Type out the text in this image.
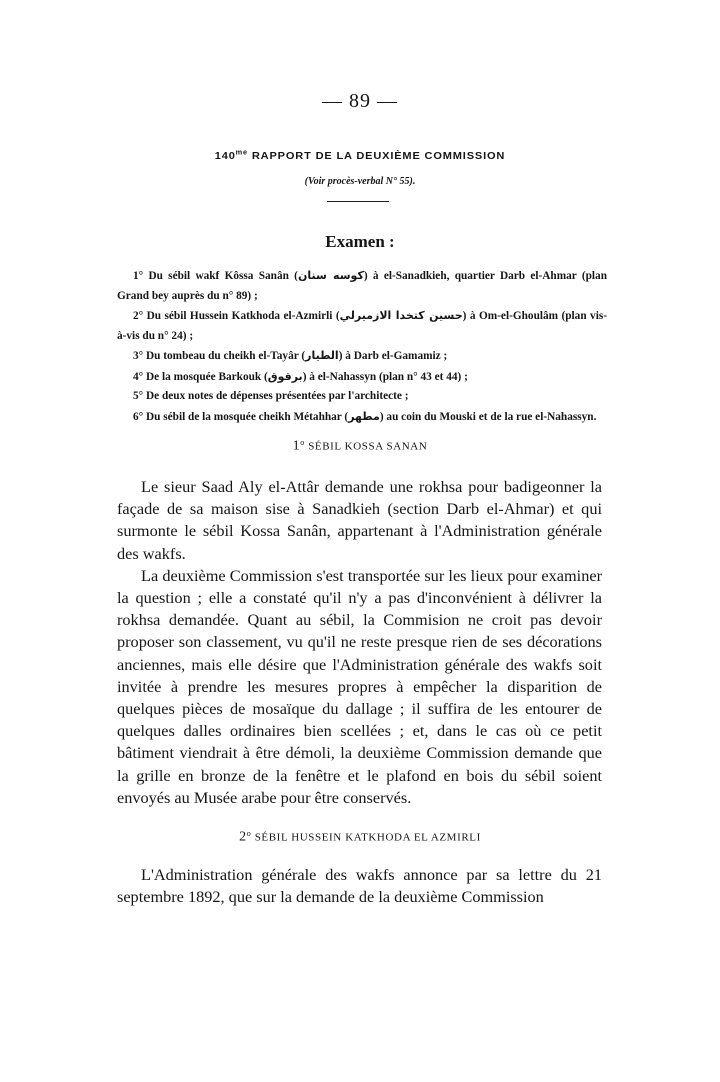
— 89 —
$140^{me}$ RAPPORT DE LA DEUXIÈME COMMISSION
(Voir procès-verbal N° 55).
Examen :

1° Du sébil wakf Kôssa Sanân (كوسه سنان) à el-Sanadkieh, quartier Darb el-Ahmar (plan Grand bey auprès du n° 89) ;

2° Du sébil Hussein Katkhoda el-Azmirli (حسين كتخدا الازميرلي) à Om-el-Ghoulâm (plan vis-à-vis du n° 24) ;

3° Du tombeau du cheikh el-Tayâr (الطيار) à Darb el-Gamamiz ;

4° De la mosquée Barkouk (برقوق) à el-Nahassyn (plan n° 43 et 44) ;

5° De deux notes de dépenses présentées par l'architecte ;

6° Du sébil de la mosquée cheikh Métahhar (مطهر) au coin du Mouski et de la rue el-Nahassyn.

1$^o$ SÉBIL KOSSA SANAN

Le sieur Saad Aly el-Attâr demande une rokhsa pour badigeonner la façade de sa maison sise à Sanadkieh (section Darb el-Ahmar) et qui surmonte le sébil Kossa Sanân, appartenant à l'Administration générale des wakfs.

La deuxième Commission s'est transportée sur les lieux pour examiner la question ; elle a constaté qu'il n'y a pas d'inconvénient à délivrer la rokhsa demandée. Quant au sébil, la Commision ne croit pas devoir proposer son classement, vu qu'il ne reste presque rien de ses décorations anciennes, mais elle désire que l'Administration générale des wakfs soit invitée à prendre les mesures propres à empêcher la disparition de quelques pièces de mosaïque du dallage ; il suffira de les entourer de quelques dalles ordinaires bien scellées ; et, dans le cas où ce petit bâtiment viendrait à être démoli, la deuxième Commission demande que la grille en bronze de la fenêtre et le plafond en bois du sébil soient envoyés au Musée arabe pour être conservés.

2$^o$ SÉBIL HUSSEIN KATKHODA EL AZMIRLI

L'Administration générale des wakfs annonce par sa lettre du 21 septembre 1892, que sur la demande de la deuxième Commission
